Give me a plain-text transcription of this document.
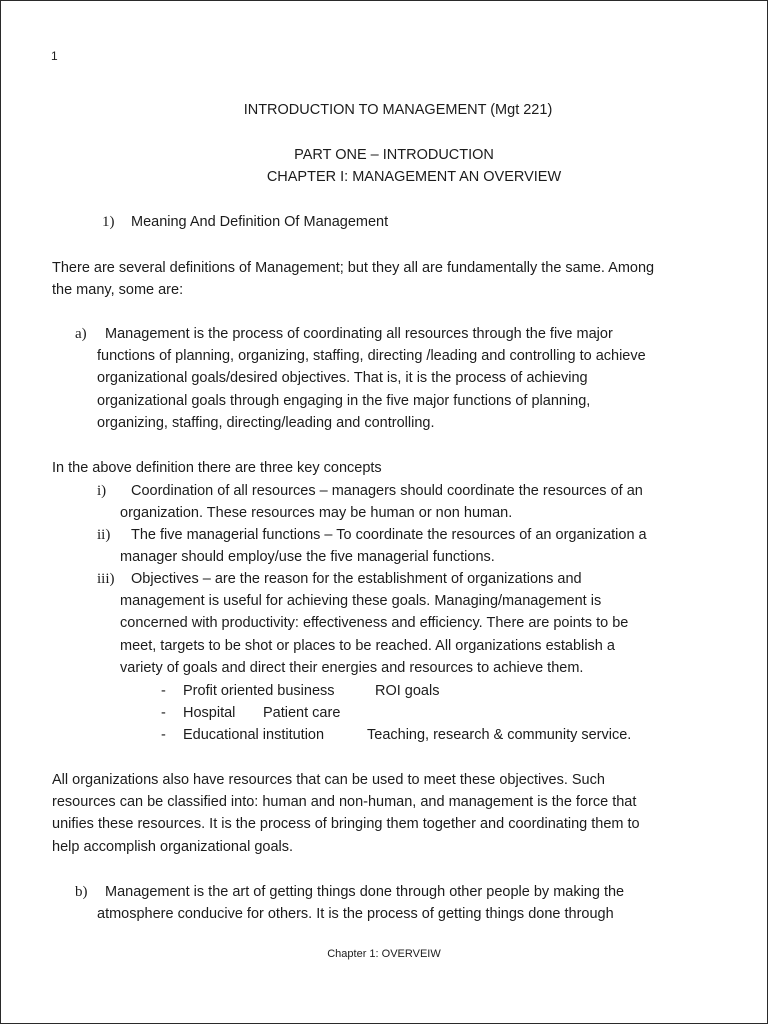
1
INTRODUCTION TO MANAGEMENT (Mgt 221)
PART ONE – INTRODUCTION
CHAPTER I: MANAGEMENT AN OVERVIEW
1) Meaning And Definition Of Management
There are several definitions of Management; but they all are fundamentally the same. Among
the many, some are:
a) Management is the process of coordinating all resources through the five major
functions of planning, organizing, staffing, directing /leading and controlling to achieve
organizational goals/desired objectives. That is, it is the process of achieving
organizational goals through engaging in the five major functions of planning,
organizing, staffing, directing/leading and controlling.
In the above definition there are three key concepts
i) Coordination of all resources – managers should coordinate the resources of an
organization. These resources may be human or non human.
ii) The five managerial functions – To coordinate the resources of an organization a
manager should employ/use the five managerial functions.
iii) Objectives – are the reason for the establishment of organizations and
management is useful for achieving these goals. Managing/management is
concerned with productivity: effectiveness and efficiency. There are points to be
meet, targets to be shot or places to be reached. All organizations establish a
variety of goals and direct their energies and resources to achieve them.
-	Profit oriented business	ROI goals
-	Hospital	Patient care
-	Educational institution	Teaching, research & community service.
All organizations also have resources that can be used to meet these objectives. Such
resources can be classified into: human and non-human, and management is the force that
unifies these resources. It is the process of bringing them together and coordinating them to
help accomplish organizational goals.
b) Management is the art of getting things done through other people by making the
atmosphere conducive for others. It is the process of getting things done through
Chapter 1: OVERVEIW
